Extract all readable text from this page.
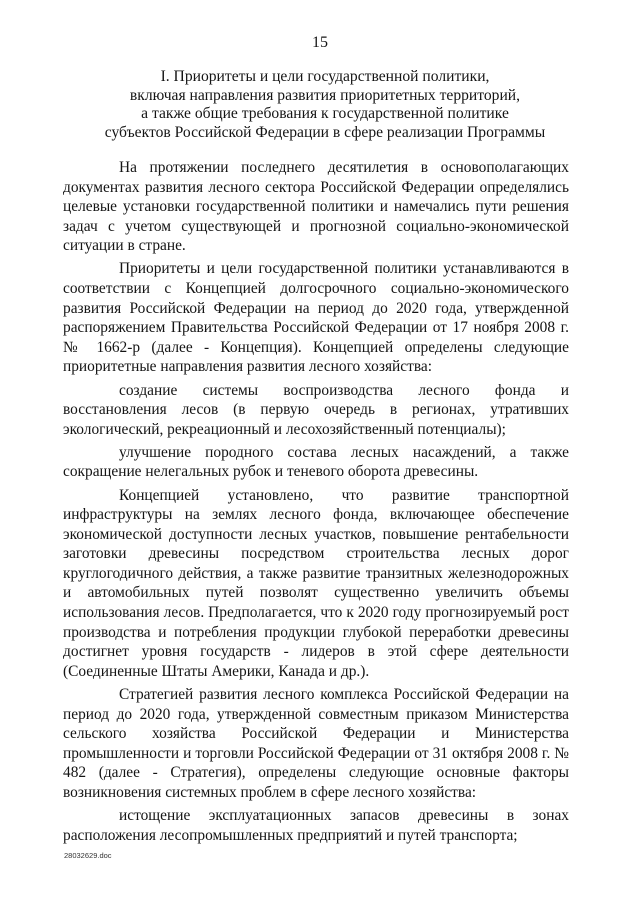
15
I. Приоритеты и цели государственной политики,
включая направления развития приоритетных территорий,
а также общие требования к государственной политике
субъектов Российской Федерации в сфере реализации Программы

На протяжении последнего десятилетия в основополагающих документах развития лесного сектора Российской Федерации определялись целевые установки государственной политики и намечались пути решения задач с учетом существующей и прогнозной социально-экономической ситуации в стране.

Приоритеты и цели государственной политики устанавливаются в соответствии с Концепцией долгосрочного социально-экономического развития Российской Федерации на период до 2020 года, утвержденной распоряжением Правительства Российской Федерации от 17 ноября 2008 г. № 1662-р (далее - Концепция). Концепцией определены следующие приоритетные направления развития лесного хозяйства:

создание системы воспроизводства лесного фонда и восстановления лесов (в первую очередь в регионах, утративших экологический, рекреационный и лесохозяйственный потенциалы);

улучшение породного состава лесных насаждений, а также сокращение нелегальных рубок и теневого оборота древесины.

Концепцией установлено, что развитие транспортной инфраструктуры на землях лесного фонда, включающее обеспечение экономической доступности лесных участков, повышение рентабельности заготовки древесины посредством строительства лесных дорог круглогодичного действия, а также развитие транзитных железнодорожных и автомобильных путей позволят существенно увеличить объемы использования лесов. Предполагается, что к 2020 году прогнозируемый рост производства и потребления продукции глубокой переработки древесины достигнет уровня государств - лидеров в этой сфере деятельности (Соединенные Штаты Америки, Канада и др.).

Стратегией развития лесного комплекса Российской Федерации на период до 2020 года, утвержденной совместным приказом Министерства сельского хозяйства Российской Федерации и Министерства промышленности и торговли Российской Федерации от 31 октября 2008 г. № 482 (далее - Стратегия), определены следующие основные факторы возникновения системных проблем в сфере лесного хозяйства:

истощение эксплуатационных запасов древесины в зонах расположения лесопромышленных предприятий и путей транспорта;

28032629.doc
